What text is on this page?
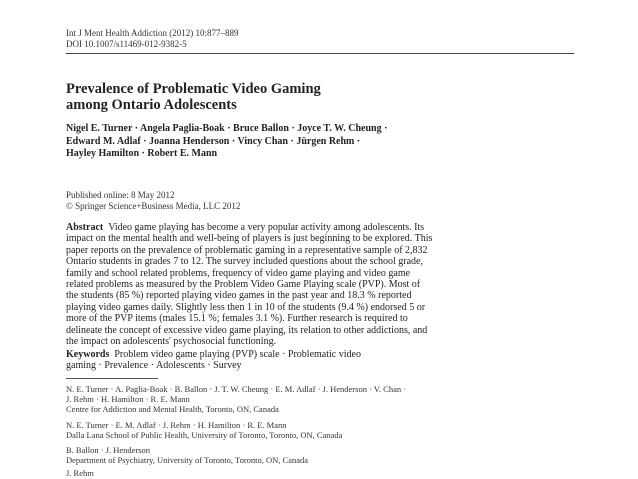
Int J Ment Health Addiction (2012) 10:877–889
DOI 10.1007/s11469-012-9382-5
Prevalence of Problematic Video Gaming
among Ontario Adolescents
Nigel E. Turner · Angela Paglia-Boak · Bruce Ballon · Joyce T. W. Cheung ·
Edward M. Adlaf · Joanna Henderson · Vincy Chan · Jürgen Rehm ·
Hayley Hamilton · Robert E. Mann
Published online: 8 May 2012
© Springer Science+Business Media, LLC 2012
Abstract Video game playing has become a very popular activity among adolescents. Its
impact on the mental health and well-being of players is just beginning to be explored. This
paper reports on the prevalence of problematic gaming in a representative sample of 2,832
Ontario students in grades 7 to 12. The survey included questions about the school grade,
family and school related problems, frequency of video game playing and video game
related problems as measured by the Problem Video Game Playing scale (PVP). Most of
the students (85 %) reported playing video games in the past year and 18.3 % reported
playing video games daily. Slightly less then 1 in 10 of the students (9.4 %) endorsed 5 or
more of the PVP items (males 15.1 %; females 3.1 %). Further research is required to
delineate the concept of excessive video game playing, its relation to other addictions, and
the impact on adolescents' psychosocial functioning.
Keywords Problem video game playing (PVP) scale · Problematic video
gaming · Prevalence · Adolescents · Survey
N. E. Turner · A. Paglia-Boak · B. Ballon · J. T. W. Cheung · E. M. Adlaf · J. Henderson · V. Chan ·
J. Rehm · H. Hamilton · R. E. Mann
Centre for Addiction and Mental Health, Toronto, ON, Canada
N. E. Turner · E. M. Adlaf · J. Rehm · H. Hamilton · R. E. Mann
Dalla Lana School of Public Health, University of Toronto, Toronto, ON, Canada
B. Ballon · J. Henderson
Department of Psychiatry, University of Toronto, Toronto, ON, Canada
J. Rehm
